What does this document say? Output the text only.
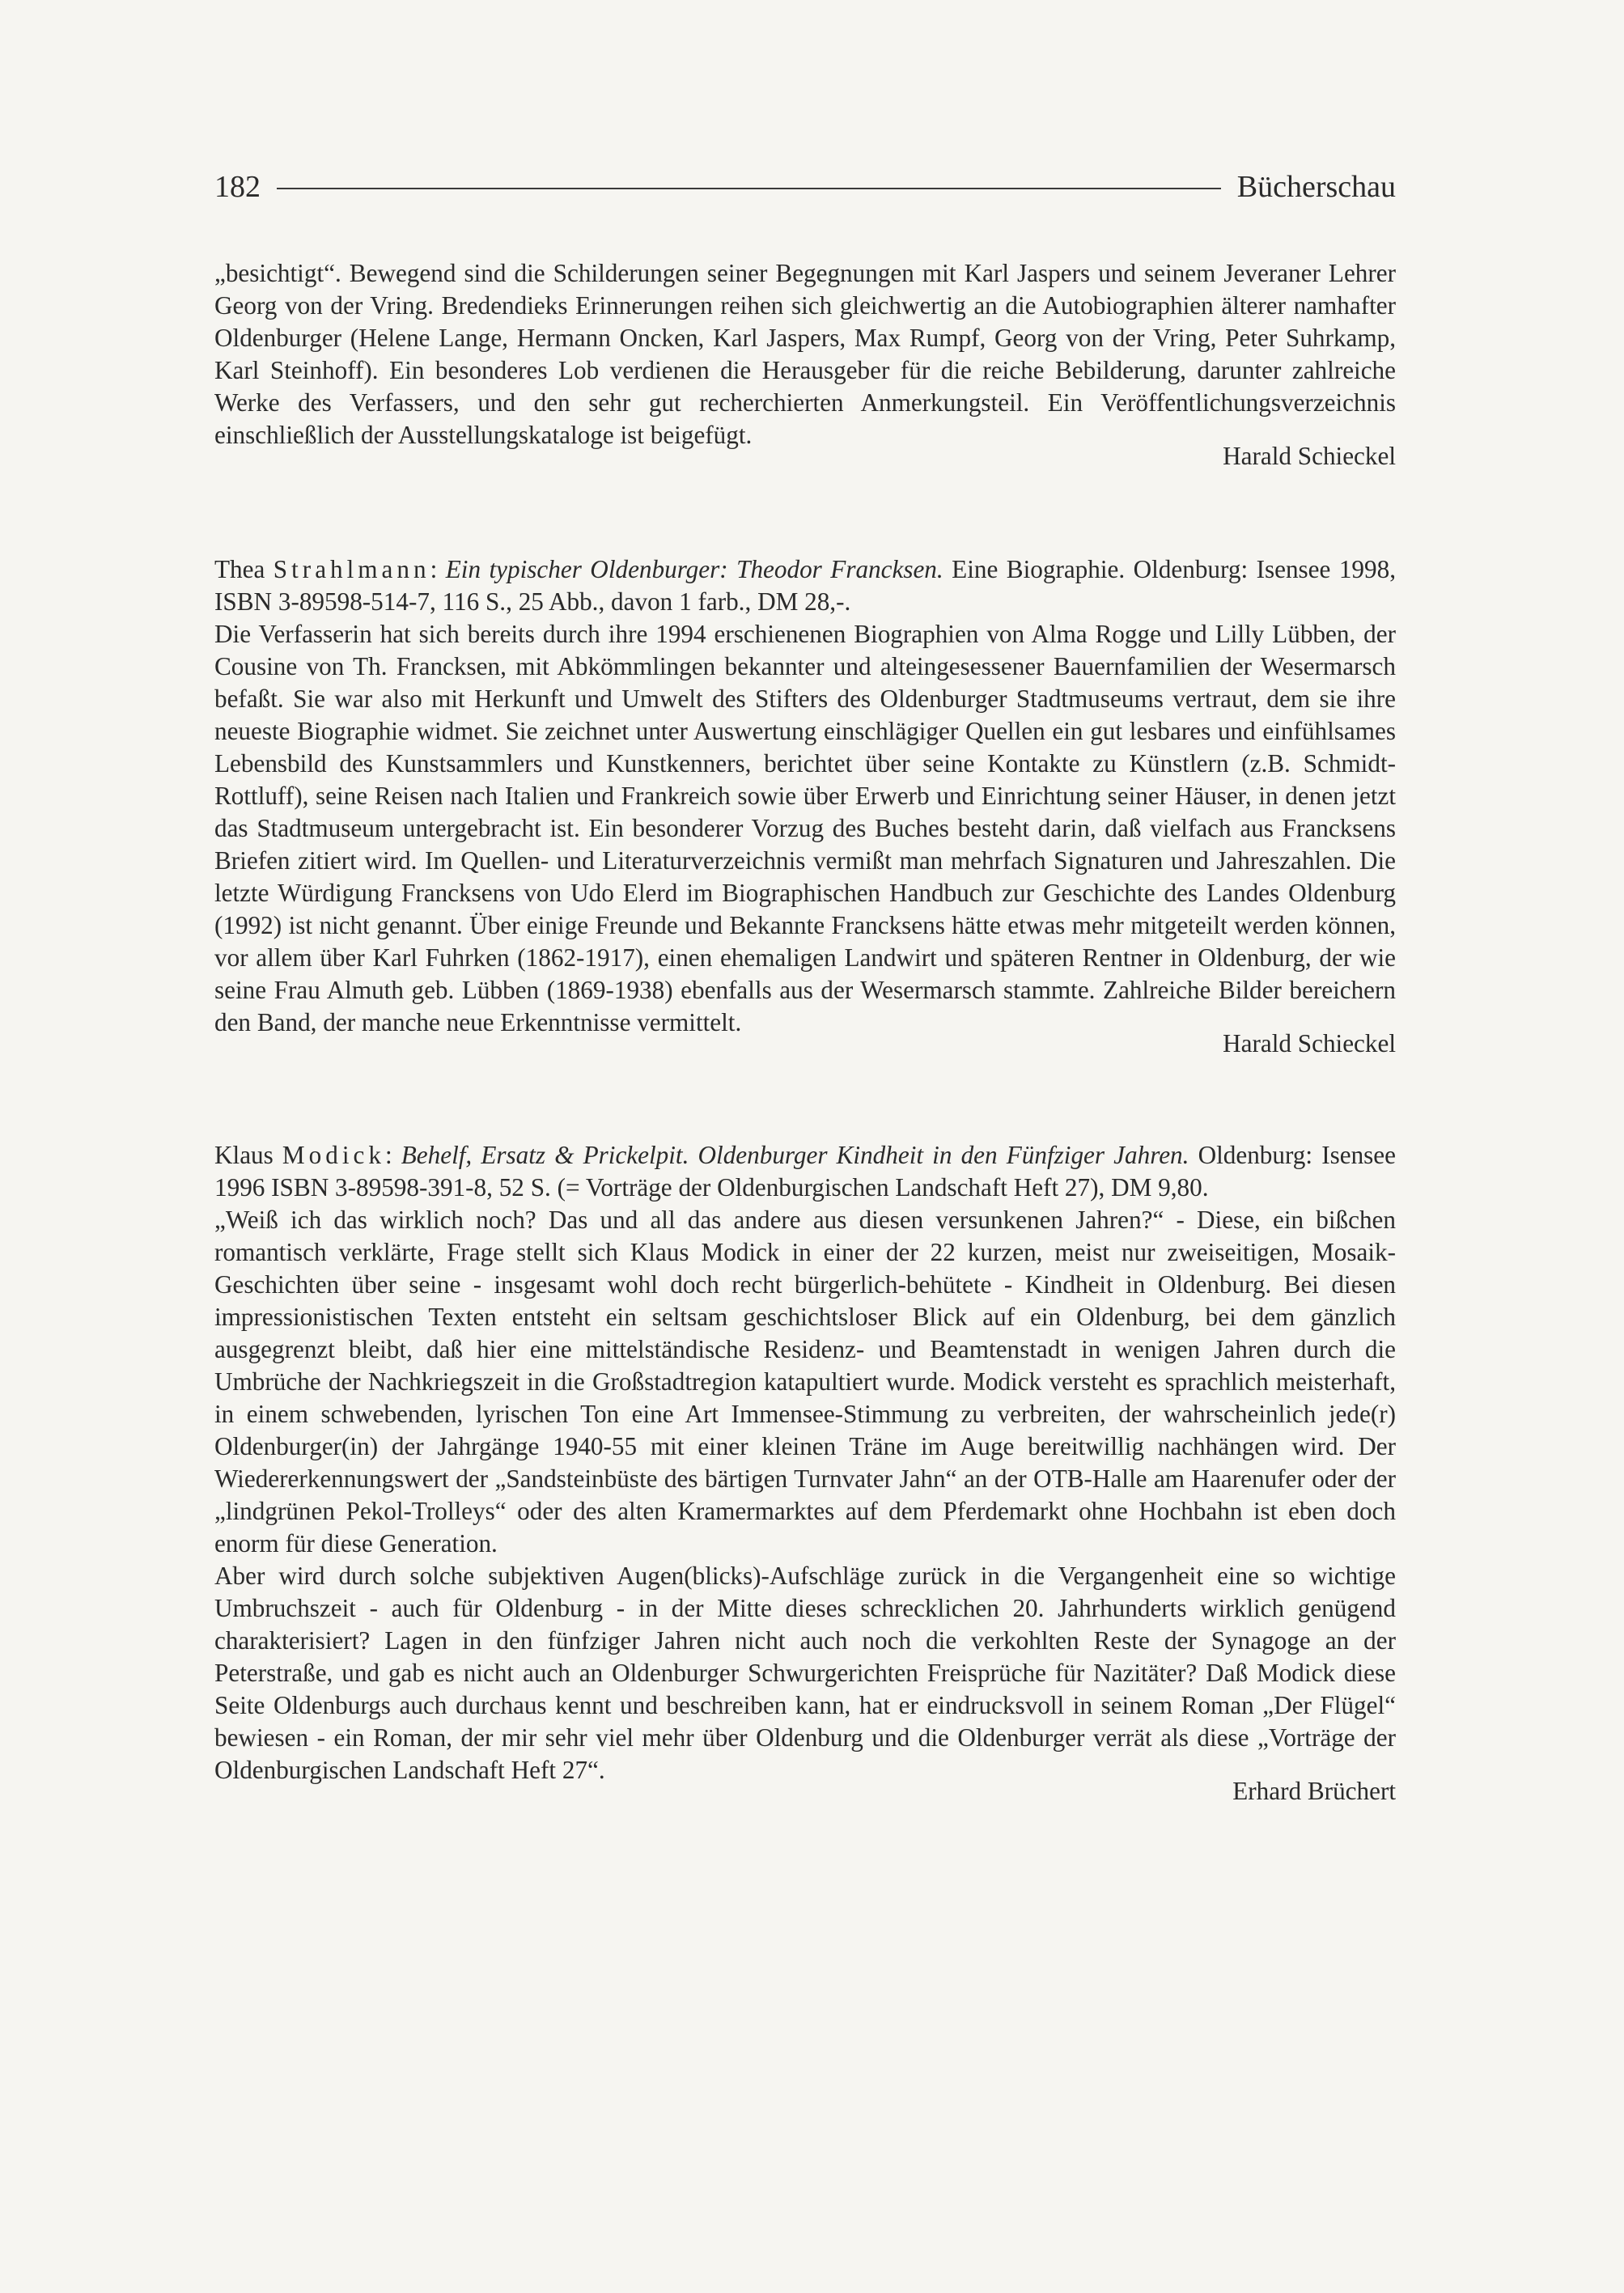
182	Bücherschau

„besichtigt“. Bewegend sind die Schilderungen seiner Begegnungen mit Karl Jaspers und seinem Jeveraner Lehrer Georg von der Vring. Bredendieks Erinnerungen reihen sich gleichwertig an die Autobiographien älterer namhafter Oldenburger (Helene Lange, Hermann Oncken, Karl Jaspers, Max Rumpf, Georg von der Vring, Peter Suhrkamp, Karl Steinhoff). Ein besonderes Lob verdienen die Herausgeber für die reiche Bebilderung, darunter zahlreiche Werke des Verfassers, und den sehr gut recherchierten Anmerkungsteil. Ein Veröffentlichungsverzeichnis einschließlich der Ausstellungskataloge ist beigefügt.

Harald Schieckel

Thea Strahlmann: Ein typischer Oldenburger: Theodor Francksen. Eine Biographie. Oldenburg: Isensee 1998, ISBN 3-89598-514-7, 116 S., 25 Abb., davon 1 farb., DM 28,-.

Die Verfasserin hat sich bereits durch ihre 1994 erschienenen Biographien von Alma Rogge und Lilly Lübben, der Cousine von Th. Francksen, mit Abkömmlingen bekannter und alteingesessener Bauernfamilien der Wesermarsch befaßt. Sie war also mit Herkunft und Umwelt des Stifters des Oldenburger Stadtmuseums vertraut, dem sie ihre neueste Biographie widmet. Sie zeichnet unter Auswertung einschlägiger Quellen ein gut lesbares und einfühlsames Lebensbild des Kunstsammlers und Kunstkenners, berichtet über seine Kontakte zu Künstlern (z.B. Schmidt-Rottluff), seine Reisen nach Italien und Frankreich sowie über Erwerb und Einrichtung seiner Häuser, in denen jetzt das Stadtmuseum untergebracht ist. Ein besonderer Vorzug des Buches besteht darin, daß vielfach aus Francksens Briefen zitiert wird. Im Quellen- und Literaturverzeichnis vermißt man mehrfach Signaturen und Jahreszahlen. Die letzte Würdigung Francksens von Udo Elerd im Biographischen Handbuch zur Geschichte des Landes Oldenburg (1992) ist nicht genannt. Über einige Freunde und Bekannte Francksens hätte etwas mehr mitgeteilt werden können, vor allem über Karl Fuhrken (1862-1917), einen ehemaligen Landwirt und späteren Rentner in Oldenburg, der wie seine Frau Almuth geb. Lübben (1869-1938) ebenfalls aus der Wesermarsch stammte. Zahlreiche Bilder bereichern den Band, der manche neue Erkenntnisse vermittelt.

Harald Schieckel

Klaus Modick: Behelf, Ersatz & Prickelpit. Oldenburger Kindheit in den Fünfziger Jahren. Oldenburg: Isensee 1996 ISBN 3-89598-391-8, 52 S. (= Vorträge der Oldenburgischen Landschaft Heft 27), DM 9,80.

„Weiß ich das wirklich noch? Das und all das andere aus diesen versunkenen Jahren?“ - Diese, ein bißchen romantisch verklärte, Frage stellt sich Klaus Modick in einer der 22 kurzen, meist nur zweiseitigen, Mosaik-Geschichten über seine - insgesamt wohl doch recht bürgerlich-behütete - Kindheit in Oldenburg. Bei diesen impressionistischen Texten entsteht ein seltsam geschichtsloser Blick auf ein Oldenburg, bei dem gänzlich ausgegrenzt bleibt, daß hier eine mittelständische Residenz- und Beamtenstadt in wenigen Jahren durch die Umbrüche der Nachkriegszeit in die Großstadtregion katapultiert wurde. Modick versteht es sprachlich meisterhaft, in einem schwebenden, lyrischen Ton eine Art Immensee-Stimmung zu verbreiten, der wahrscheinlich jede(r) Oldenburger(in) der Jahrgänge 1940-55 mit einer kleinen Träne im Auge bereitwillig nachhängen wird. Der Wiedererkennungswert der „Sandsteinbüste des bärtigen Turnvater Jahn“ an der OTB-Halle am Haarenufer oder der „lindgrünen Pekol-Trolleys“ oder des alten Kramermarktes auf dem Pferdemarkt ohne Hochbahn ist eben doch enorm für diese Generation.

Aber wird durch solche subjektiven Augen(blicks)-Aufschläge zurück in die Vergangenheit eine so wichtige Umbruchszeit - auch für Oldenburg - in der Mitte dieses schrecklichen 20. Jahrhunderts wirklich genügend charakterisiert? Lagen in den fünfziger Jahren nicht auch noch die verkohlten Reste der Synagoge an der Peterstraße, und gab es nicht auch an Oldenburger Schwurgerichten Freisprüche für Nazitäter? Daß Modick diese Seite Oldenburgs auch durchaus kennt und beschreiben kann, hat er eindrucksvoll in seinem Roman „Der Flügel“ bewiesen - ein Roman, der mir sehr viel mehr über Oldenburg und die Oldenburger verrät als diese „Vorträge der Oldenburgischen Landschaft Heft 27“.

Erhard Brüchert
